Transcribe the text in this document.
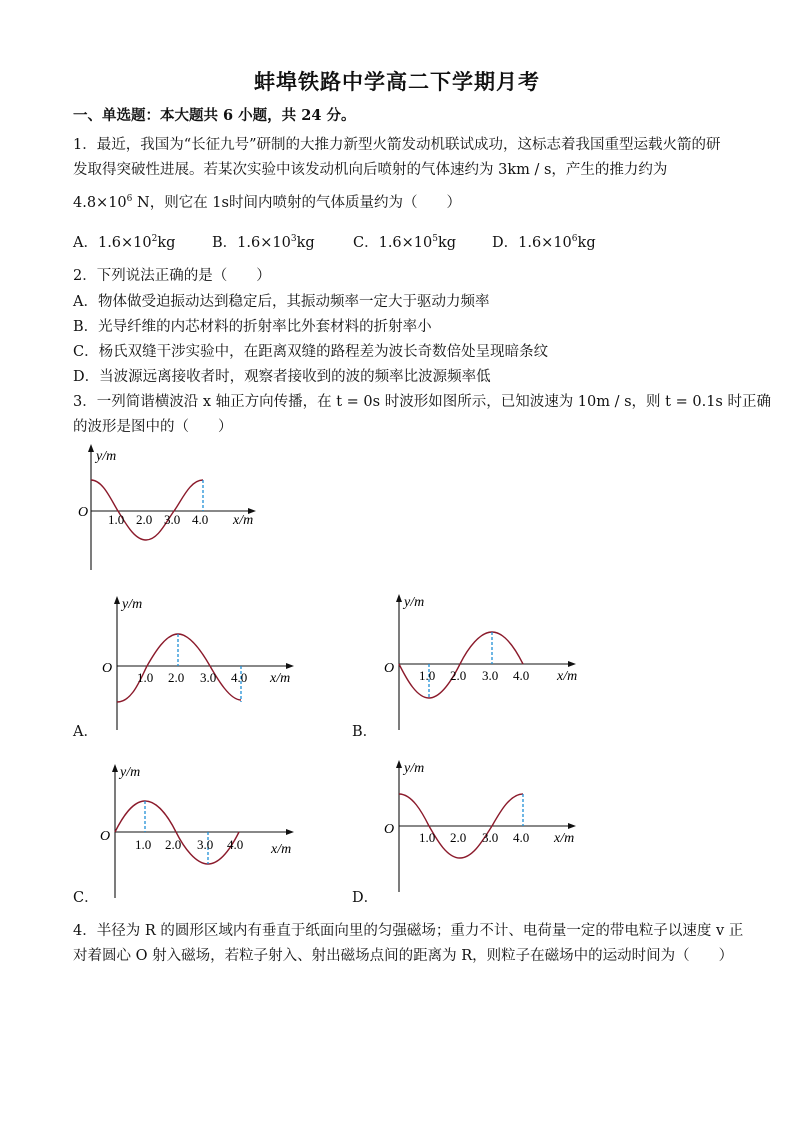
蚌埠铁路中学高二下学期月考
一、单选题：本大题共 6 小题，共 24 分。
1．最近，我国为“长征九号”研制的大推力新型火箭发动机联试成功，这标志着我国重型运载火箭的研
发取得突破性进展。若某次实验中该发动机向后喷射的气体速约为 3km / s，产生的推力约为
$4.8\times 10^6$ N，则它在 1s时间内喷射的气体质量约为（　　）
A．$1.6\times 10^2kg$	B．$1.6\times 10^3kg$	C．$1.6\times 10^5kg$ D．$1.6\times 10^6kg$
2．下列说法正确的是（　　）
A．物体做受迫振动达到稳定后，其振动频率一定大于驱动力频率
B．光导纤维的内芯材料的折射率比外套材料的折射率小
C．杨氏双缝干涉实验中，在距离双缝的路程差为波长奇数倍处呈现暗条纹
D．当波源远离接收者时，观察者接收到的波的频率比波源频率低
3．一列简谐横波沿 x 轴正方向传播，在 t = 0s 时波形如图所示，已知波速为 10m / s，则 t = 0.1s 时正确
的波形是图中的（　　）
y/m
O 1.0 2.0 3.0 4.0 x/m
y/m
O
1.0 2.0 3.0 4.0 x/m
A．
y/m
O 1.0 2.0 3.0 4.0 x/m
B．
y/m
O
1.0 2.0 3.0 4.0 x/m
C．
y/m
O
1.0 2.0 3.0 4.0 x/m
D．
4．半径为 R 的圆形区域内有垂直于纸面向里的匀强磁场；重力不计、电荷量一定的带电粒子以速度 v 正
对着圆心 O 射入磁场，若粒子射入、射出磁场点间的距离为 R，则粒子在磁场中的运动时间为（　　）
